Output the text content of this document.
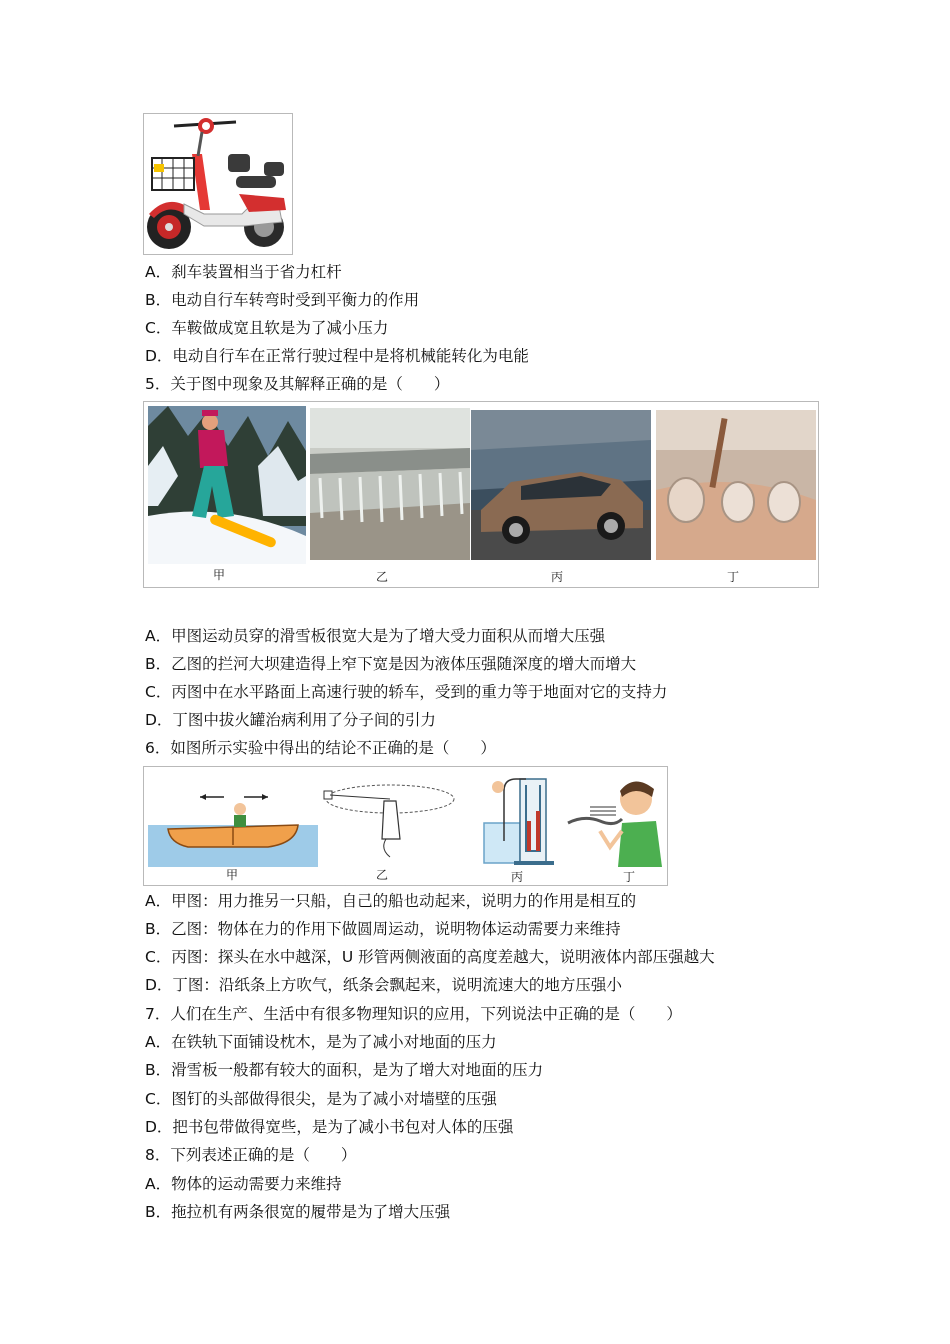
A．刹车装置相当于省力杠杆
B．电动自行车转弯时受到平衡力的作用
C．车鞍做成宽且软是为了减小压力
D．电动自行车在正常行驶过程中是将机械能转化为电能
5．关于图中现象及其解释正确的是（　　）
甲	乙	丙	丁
A．甲图运动员穿的滑雪板很宽大是为了增大受力面积从而增大压强
B．乙图的拦河大坝建造得上窄下宽是因为液体压强随深度的增大而增大
C．丙图中在水平路面上高速行驶的轿车，受到的重力等于地面对它的支持力
D．丁图中拔火罐治病利用了分子间的引力
6．如图所示实验中得出的结论不正确的是（　　）
甲	乙	丙	丁
A．甲图：用力推另一只船，自己的船也动起来，说明力的作用是相互的
B．乙图：物体在力的作用下做圆周运动，说明物体运动需要力来维持
C．丙图：探头在水中越深，U 形管两侧液面的高度差越大，说明液体内部压强越大
D．丁图：沿纸条上方吹气，纸条会飘起来，说明流速大的地方压强小
7．人们在生产、生活中有很多物理知识的应用，下列说法中正确的是（　　）
A．在铁轨下面铺设枕木，是为了减小对地面的压力
B．滑雪板一般都有较大的面积，是为了增大对地面的压力
C．图钉的头部做得很尖，是为了减小对墙壁的压强
D．把书包带做得宽些，是为了减小书包对人体的压强
8．下列表述正确的是（　　）
A．物体的运动需要力来维持
B．拖拉机有两条很宽的履带是为了增大压强
